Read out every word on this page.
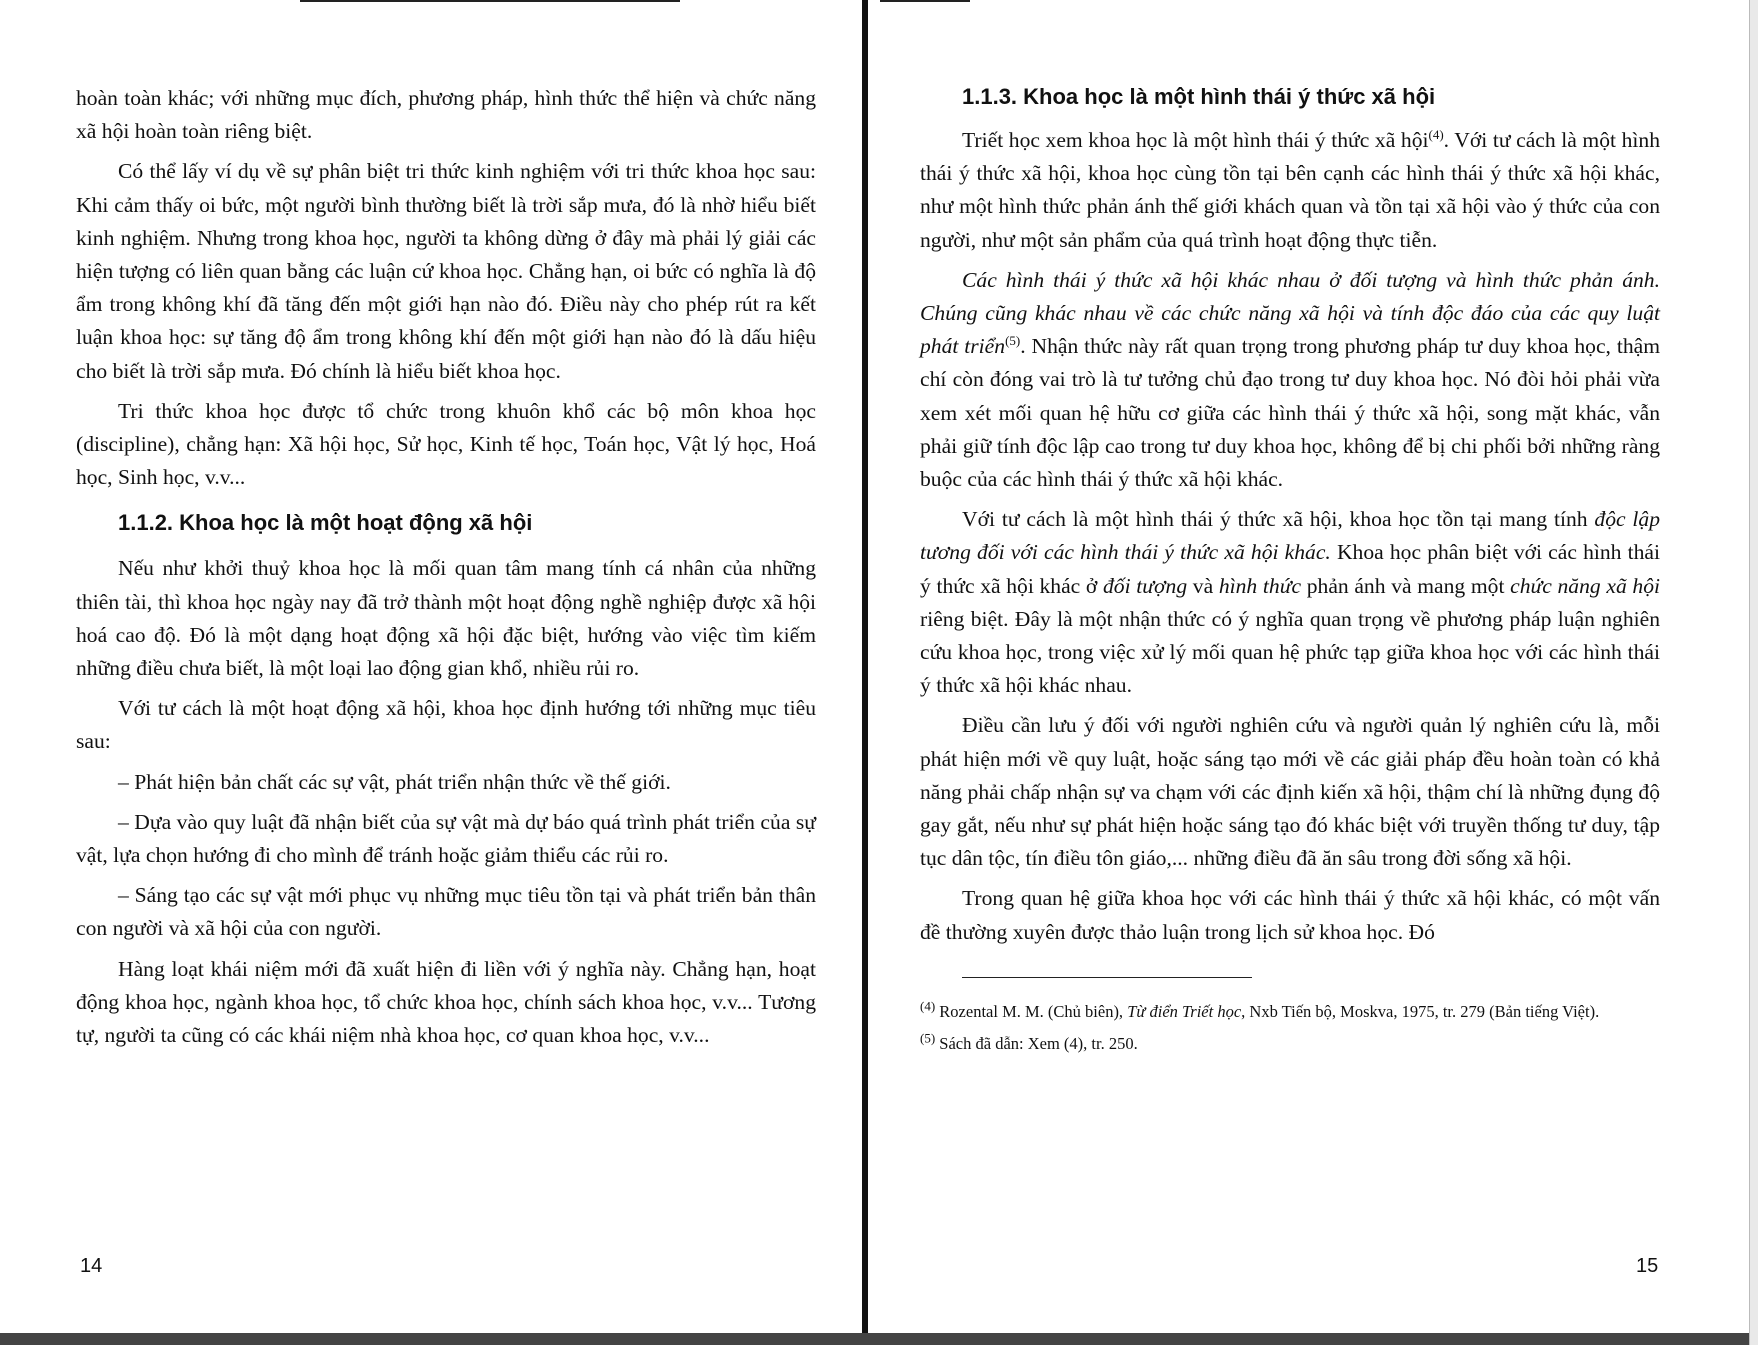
hoàn toàn khác; với những mục đích, phương pháp, hình thức thể hiện và chức năng xã hội hoàn toàn riêng biệt.

Có thể lấy ví dụ về sự phân biệt tri thức kinh nghiệm với tri thức khoa học sau: Khi cảm thấy oi bức, một người bình thường biết là trời sắp mưa, đó là nhờ hiểu biết kinh nghiệm. Nhưng trong khoa học, người ta không dừng ở đây mà phải lý giải các hiện tượng có liên quan bằng các luận cứ khoa học. Chẳng hạn, oi bức có nghĩa là độ ẩm trong không khí đã tăng đến một giới hạn nào đó. Điều này cho phép rút ra kết luận khoa học: sự tăng độ ẩm trong không khí đến một giới hạn nào đó là dấu hiệu cho biết là trời sắp mưa. Đó chính là hiểu biết khoa học.

Tri thức khoa học được tổ chức trong khuôn khổ các bộ môn khoa học (discipline), chẳng hạn: Xã hội học, Sử học, Kinh tế học, Toán học, Vật lý học, Hoá học, Sinh học, v.v...

1.1.2. Khoa học là một hoạt động xã hội

Nếu như khởi thuỷ khoa học là mối quan tâm mang tính cá nhân của những thiên tài, thì khoa học ngày nay đã trở thành một hoạt động nghề nghiệp được xã hội hoá cao độ. Đó là một dạng hoạt động xã hội đặc biệt, hướng vào việc tìm kiếm những điều chưa biết, là một loại lao động gian khổ, nhiều rủi ro.

Với tư cách là một hoạt động xã hội, khoa học định hướng tới những mục tiêu sau:

– Phát hiện bản chất các sự vật, phát triển nhận thức về thế giới.

– Dựa vào quy luật đã nhận biết của sự vật mà dự báo quá trình phát triển của sự vật, lựa chọn hướng đi cho mình để tránh hoặc giảm thiểu các rủi ro.

– Sáng tạo các sự vật mới phục vụ những mục tiêu tồn tại và phát triển bản thân con người và xã hội của con người.

Hàng loạt khái niệm mới đã xuất hiện đi liền với ý nghĩa này. Chẳng hạn, hoạt động khoa học, ngành khoa học, tổ chức khoa học, chính sách khoa học, v.v... Tương tự, người ta cũng có các khái niệm nhà khoa học, cơ quan khoa học, v.v...

14
1.1.3. Khoa học là một hình thái ý thức xã hội

Triết học xem khoa học là một hình thái ý thức xã hội$^{(4)}$. Với tư cách là một hình thái ý thức xã hội, khoa học cùng tồn tại bên cạnh các hình thái ý thức xã hội khác, như một hình thức phản ánh thế giới khách quan và tồn tại xã hội vào ý thức của con người, như một sản phẩm của quá trình hoạt động thực tiễn.

Các hình thái ý thức xã hội khác nhau ở đối tượng và hình thức phản ánh. Chúng cũng khác nhau về các chức năng xã hội và tính độc đáo của các quy luật phát triển$^{(5)}$. Nhận thức này rất quan trọng trong phương pháp tư duy khoa học, thậm chí còn đóng vai trò là tư tưởng chủ đạo trong tư duy khoa học. Nó đòi hỏi phải vừa xem xét mối quan hệ hữu cơ giữa các hình thái ý thức xã hội, song mặt khác, vẫn phải giữ tính độc lập cao trong tư duy khoa học, không để bị chi phối bởi những ràng buộc của các hình thái ý thức xã hội khác.

Với tư cách là một hình thái ý thức xã hội, khoa học tồn tại mang tính độc lập tương đối với các hình thái ý thức xã hội khác. Khoa học phân biệt với các hình thái ý thức xã hội khác ở đối tượng và hình thức phản ánh và mang một chức năng xã hội riêng biệt. Đây là một nhận thức có ý nghĩa quan trọng về phương pháp luận nghiên cứu khoa học, trong việc xử lý mối quan hệ phức tạp giữa khoa học với các hình thái ý thức xã hội khác nhau.

Điều cần lưu ý đối với người nghiên cứu và người quản lý nghiên cứu là, mỗi phát hiện mới về quy luật, hoặc sáng tạo mới về các giải pháp đều hoàn toàn có khả năng phải chấp nhận sự va chạm với các định kiến xã hội, thậm chí là những đụng độ gay gắt, nếu như sự phát hiện hoặc sáng tạo đó khác biệt với truyền thống tư duy, tập tục dân tộc, tín điều tôn giáo,... những điều đã ăn sâu trong đời sống xã hội.

Trong quan hệ giữa khoa học với các hình thái ý thức xã hội khác, có một vấn đề thường xuyên được thảo luận trong lịch sử khoa học. Đó

$^{(4)}$ Rozental M. M. (Chủ biên), Từ điển Triết học, Nxb Tiến bộ, Moskva, 1975, tr. 279 (Bản tiếng Việt).

$^{(5)}$ Sách đã dẫn: Xem (4), tr. 250.

15
